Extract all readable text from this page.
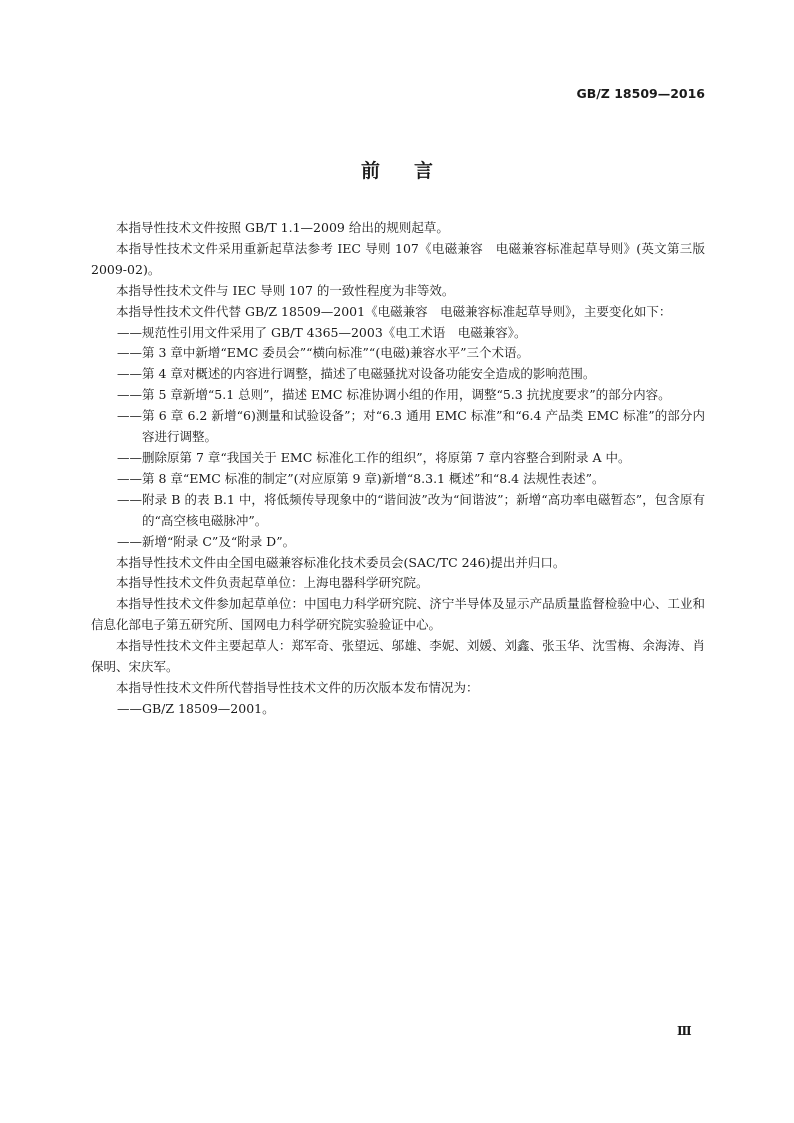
GB/Z 18509—2016
前言

本指导性技术文件按照 GB/T 1.1—2009 给出的规则起草。

本指导性技术文件采用重新起草法参考 IEC 导则 107《电磁兼容　电磁兼容标准起草导则》(英文第三版　2009-02)。

本指导性技术文件与 IEC 导则 107 的一致性程度为非等效。

本指导性技术文件代替 GB/Z 18509—2001《电磁兼容　电磁兼容标准起草导则》，主要变化如下：

——规范性引用文件采用了 GB/T 4365—2003《电工术语　电磁兼容》。

——第 3 章中新增“EMC 委员会”“横向标准”“(电磁)兼容水平”三个术语。

——第 4 章对概述的内容进行调整，描述了电磁骚扰对设备功能安全造成的影响范围。

——第 5 章新增“5.1 总则”，描述 EMC 标准协调小组的作用，调整“5.3 抗扰度要求”的部分内容。

——第 6 章 6.2 新增“6)测量和试验设备”；对“6.3 通用 EMC 标准”和“6.4 产品类 EMC 标准”的部分内容进行调整。

——删除原第 7 章“我国关于 EMC 标准化工作的组织”，将原第 7 章内容整合到附录 A 中。

——第 8 章“EMC 标准的制定”(对应原第 9 章)新增“8.3.1 概述”和“8.4 法规性表述”。

——附录 B 的表 B.1 中，将低频传导现象中的“谐间波”改为“间谐波”；新增“高功率电磁暂态”，包含原有的“高空核电磁脉冲”。

——新增“附录 C”及“附录 D”。

本指导性技术文件由全国电磁兼容标准化技术委员会(SAC/TC 246)提出并归口。

本指导性技术文件负责起草单位：上海电器科学研究院。

本指导性技术文件参加起草单位：中国电力科学研究院、济宁半导体及显示产品质量监督检验中心、工业和信息化部电子第五研究所、国网电力科学研究院实验验证中心。

本指导性技术文件主要起草人：郑军奇、张望远、邬雄、李妮、刘媛、刘鑫、张玉华、沈雪梅、余海涛、肖保明、宋庆军。

本指导性技术文件所代替指导性技术文件的历次版本发布情况为：

——GB/Z 18509—2001。

Ⅲ
